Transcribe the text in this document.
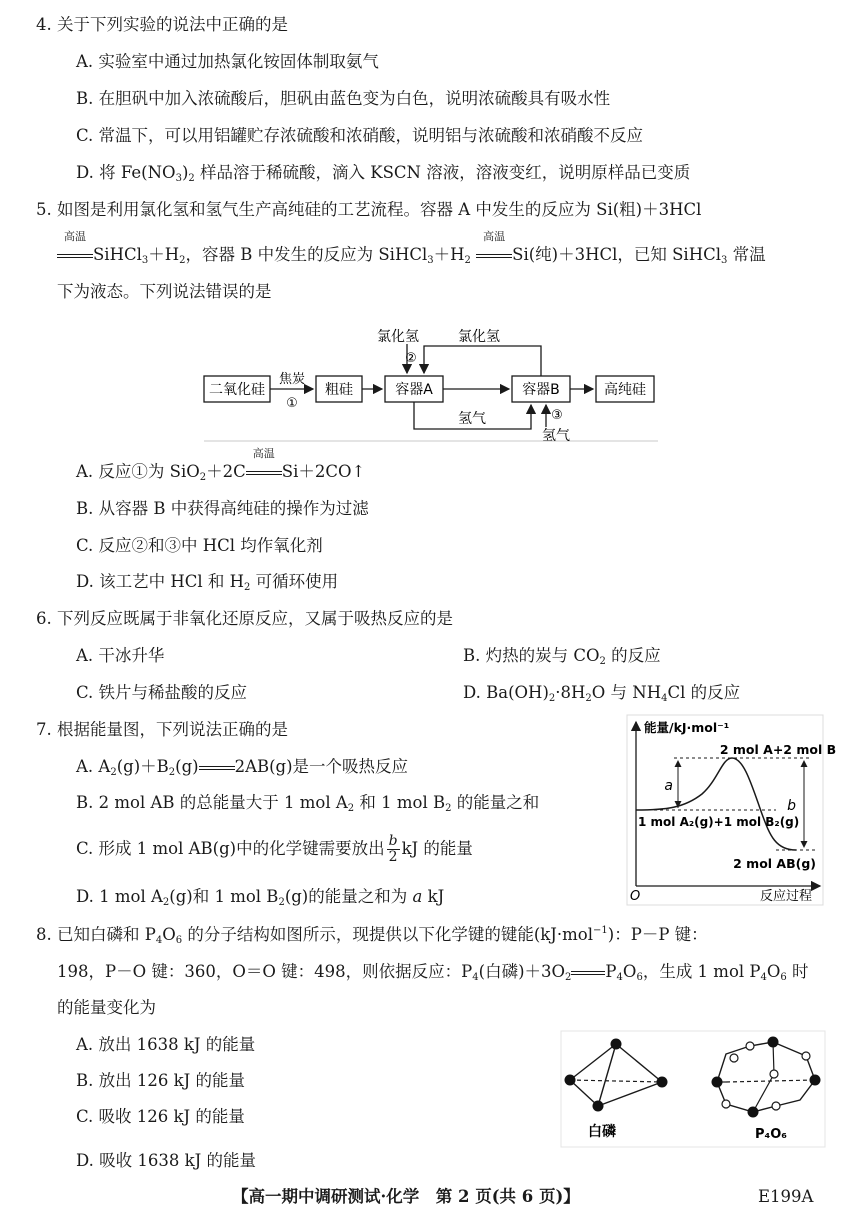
4. 关于下列实验的说法中正确的是
A. 实验室中通过加热氯化铵固体制取氨气
B. 在胆矾中加入浓硫酸后，胆矾由蓝色变为白色，说明浓硫酸具有吸水性
C. 常温下，可以用铝罐贮存浓硫酸和浓硝酸，说明铝与浓硫酸和浓硝酸不反应
D. 将 $Fe(NO_3)_2$ 样品溶于稀硫酸，滴入 KSCN 溶液，溶液变红，说明原样品已变质
5. 如图是利用氯化氢和氢气生产高纯硅的工艺流程。容器 A 中发生的反应为 Si(粗)＋3HCl
高温
$SiHCl_3+H_2$，容器 B 中发生的反应为 $SiHCl_3+H_2$
高温
Si(纯)＋3HCl，已知 SiHCl$_3$ 常温
下为液态。下列说法错误的是
二氧化硅
焦炭
①
粗硅	容器A	容器B	高纯硅
氯化氢
氯化氢
②
氢气	③
氢气
A. 反应①为 SiO$_2$＋2C
高温
Si＋2CO↑
B. 从容器 B 中获得高纯硅的操作为过滤
C. 反应②和③中 HCl 均作氧化剂
D. 该工艺中 HCl 和 $H_2$ 可循环使用
6. 下列反应既属于非氧化还原反应，又属于吸热反应的是
A. 干冰升华	B. 灼热的炭与 $CO_2$ 的反应
C. 铁片与稀盐酸的反应	D. $Ba(OH)_2\cdot 8H_2O$ 与 $NH_4Cl$ 的反应
7. 根据能量图，下列说法正确的是
A. $A_2(g)+B_2(g)$ 2AB(g)是一个吸热反应
B. 2 mol AB 的总能量大于 1 mol $A_2$ 和 1 mol $B_2$ 的能量之和
C. 形成 1 mol AB(g)中的化学键需要放出 $\frac{b}{2}$ kJ 的能量
D. 1 mol $A_2(g)$和 1 mol $B_2(g)$的能量之和为 a kJ
能量/kJ·mol⁻¹
O	反应过程
2 mol A+2 mol B
a
b
1 mol A₂(g)+1 mol B₂(g)
2 mol AB(g)
8. 已知白磷和 $P_4O_6$ 的分子结构如图所示，现提供以下化学键的键能(kJ·mol$^{-1}$)：P－P 键：
198，P－O 键：360，O＝O 键：498，则依据反应：$P_4$(白磷)$+3O_2$ $P_4O_6$，生成 1 mol $P_4O_6$ 时
的能量变化为
A. 放出 1638 kJ 的能量
B. 放出 126 kJ 的能量
C. 吸收 126 kJ 的能量
D. 吸收 1638 kJ 的能量
白磷	P₄O₆
【高一期中调研测试·化学　第 2 页(共 6 页)】	E199A
